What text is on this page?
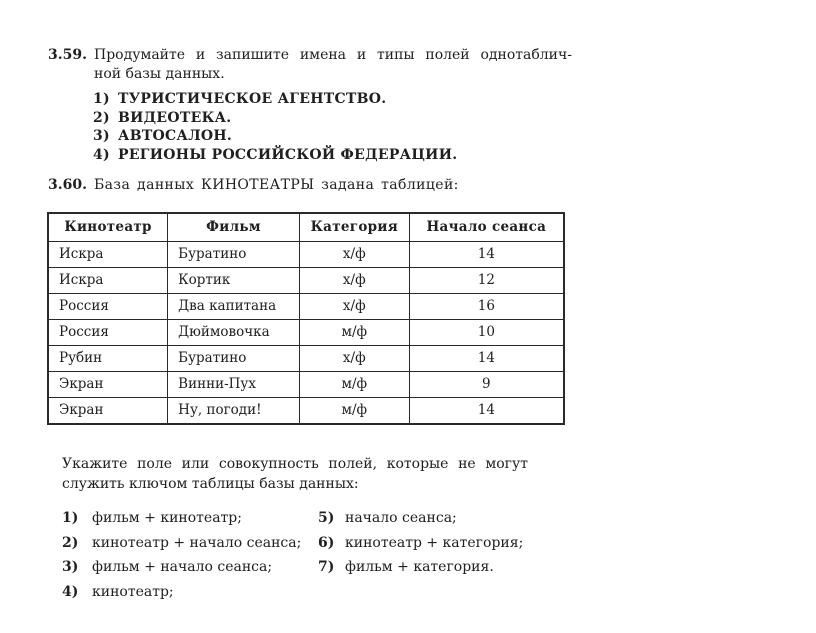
3.59. Продумайте и запишите имена и типы полей однотаблич-
ной базы данных.
1) ТУРИСТИЧЕСКОЕ АГЕНТСТВО.
2) ВИДЕОТЕКА.
3) АВТОСАЛОН.
4) РЕГИОНЫ РОССИЙСКОЙ ФЕДЕРАЦИИ.
3.60. База данных КИНОТЕАТРЫ задана таблицей:
Кинотеатр	Фильм	Категория	Начало сеанса
Искра	Буратино	х/ф	14
Искра	Кортик	х/ф	12
Россия	Два капитана	х/ф	16
Россия	Дюймовочка	м/ф	10
Рубин	Буратино	х/ф	14
Экран	Винни-Пух	м/ф	9
Экран	Ну, погоди!	м/ф	14
Укажите поле или совокупность полей, которые не могут
служить ключом таблицы базы данных:
1) фильм + кинотеатр;
2) кинотеатр + начало сеанса;
3) фильм + начало сеанса;
4) кинотеатр;
5) начало сеанса;
6) кинотеатр + категория;
7) фильм + категория.
